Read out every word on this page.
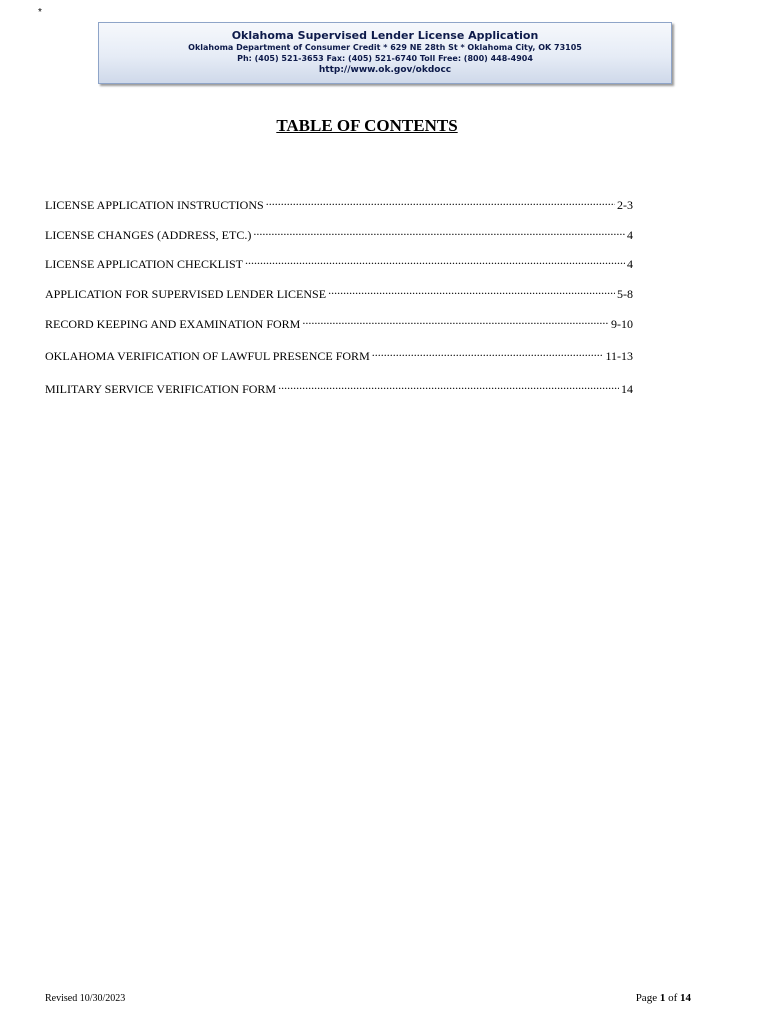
*
Oklahoma Supervised Lender License Application
Oklahoma Department of Consumer Credit * 629 NE 28th St * Oklahoma City, OK 73105
Ph: (405) 521-3653 Fax: (405) 521-6740 Toll Free: (800) 448-4904
http://www.ok.gov/okdocc
TABLE OF CONTENTS
LICENSE APPLICATION INSTRUCTIONS .....	2-3
LICENSE CHANGES (ADDRESS, ETC.) .....	4
LICENSE APPLICATION CHECKLIST .....	4
APPLICATION FOR SUPERVISED LENDER LICENSE .....	5-8
RECORD KEEPING AND EXAMINATION FORM .....	9-10
OKLAHOMA VERIFICATION OF LAWFUL PRESENCE FORM .....	11-13
MILITARY SERVICE VERIFICATION FORM .....	14
Revised 10/30/2023	Page 1 of 14
